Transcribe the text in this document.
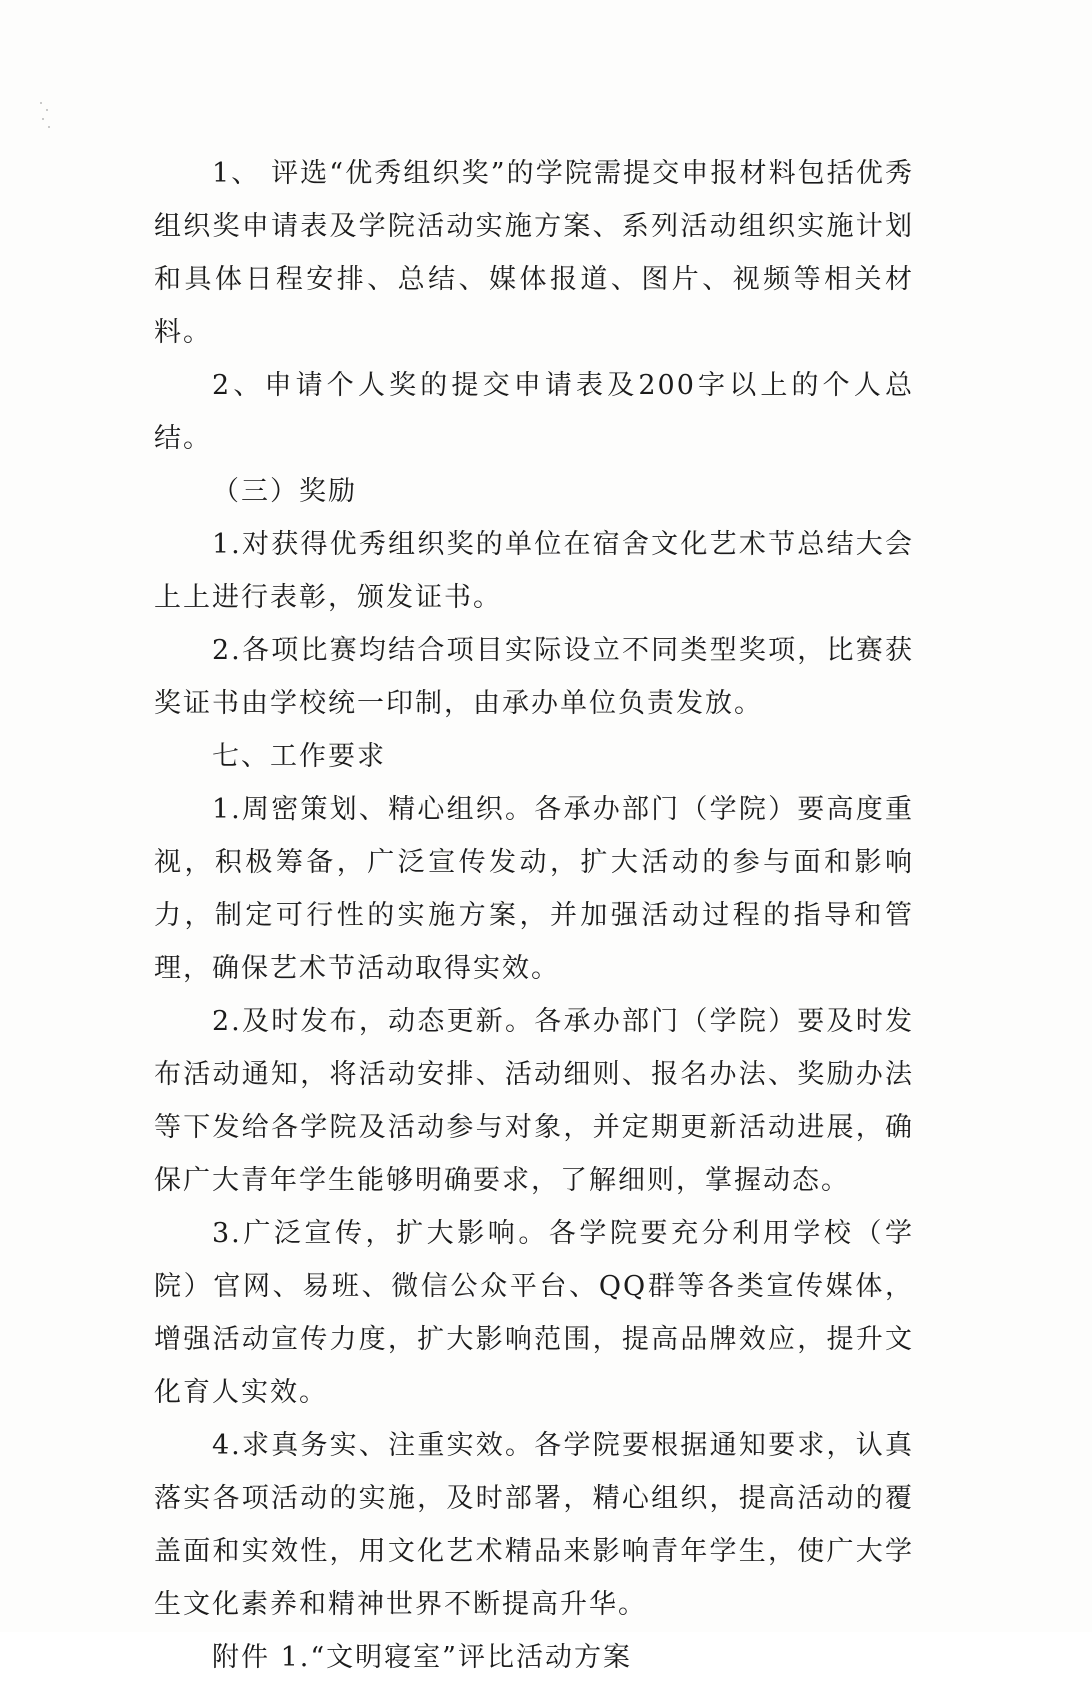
1、 评选“优秀组织奖”的学院需提交申报材料包括优秀组织奖申请表及学院活动实施方案、系列活动组织实施计划和具体日程安排、总结、媒体报道、图片、视频等相关材料。

2、申请个人奖的提交申请表及200字以上的个人总结。

（三）奖励

1.对获得优秀组织奖的单位在宿舍文化艺术节总结大会上上进行表彰，颁发证书。

2.各项比赛均结合项目实际设立不同类型奖项，比赛获奖证书由学校统一印制，由承办单位负责发放。

七、工作要求

1.周密策划、精心组织。各承办部门（学院）要高度重视，积极筹备，广泛宣传发动，扩大活动的参与面和影响力，制定可行性的实施方案，并加强活动过程的指导和管理，确保艺术节活动取得实效。

2.及时发布，动态更新。各承办部门（学院）要及时发布活动通知，将活动安排、活动细则、报名办法、奖励办法等下发给各学院及活动参与对象，并定期更新活动进展，确保广大青年学生能够明确要求，了解细则，掌握动态。

3.广泛宣传，扩大影响。各学院要充分利用学校（学院）官网、易班、微信公众平台、QQ群等各类宣传媒体，增强活动宣传力度，扩大影响范围，提高品牌效应，提升文化育人实效。

4.求真务实、注重实效。各学院要根据通知要求，认真落实各项活动的实施，及时部署，精心组织，提高活动的覆盖面和实效性，用文化艺术精品来影响青年学生，使广大学生文化素养和精神世界不断提高升华。

附件 1.“文明寝室”评比活动方案
